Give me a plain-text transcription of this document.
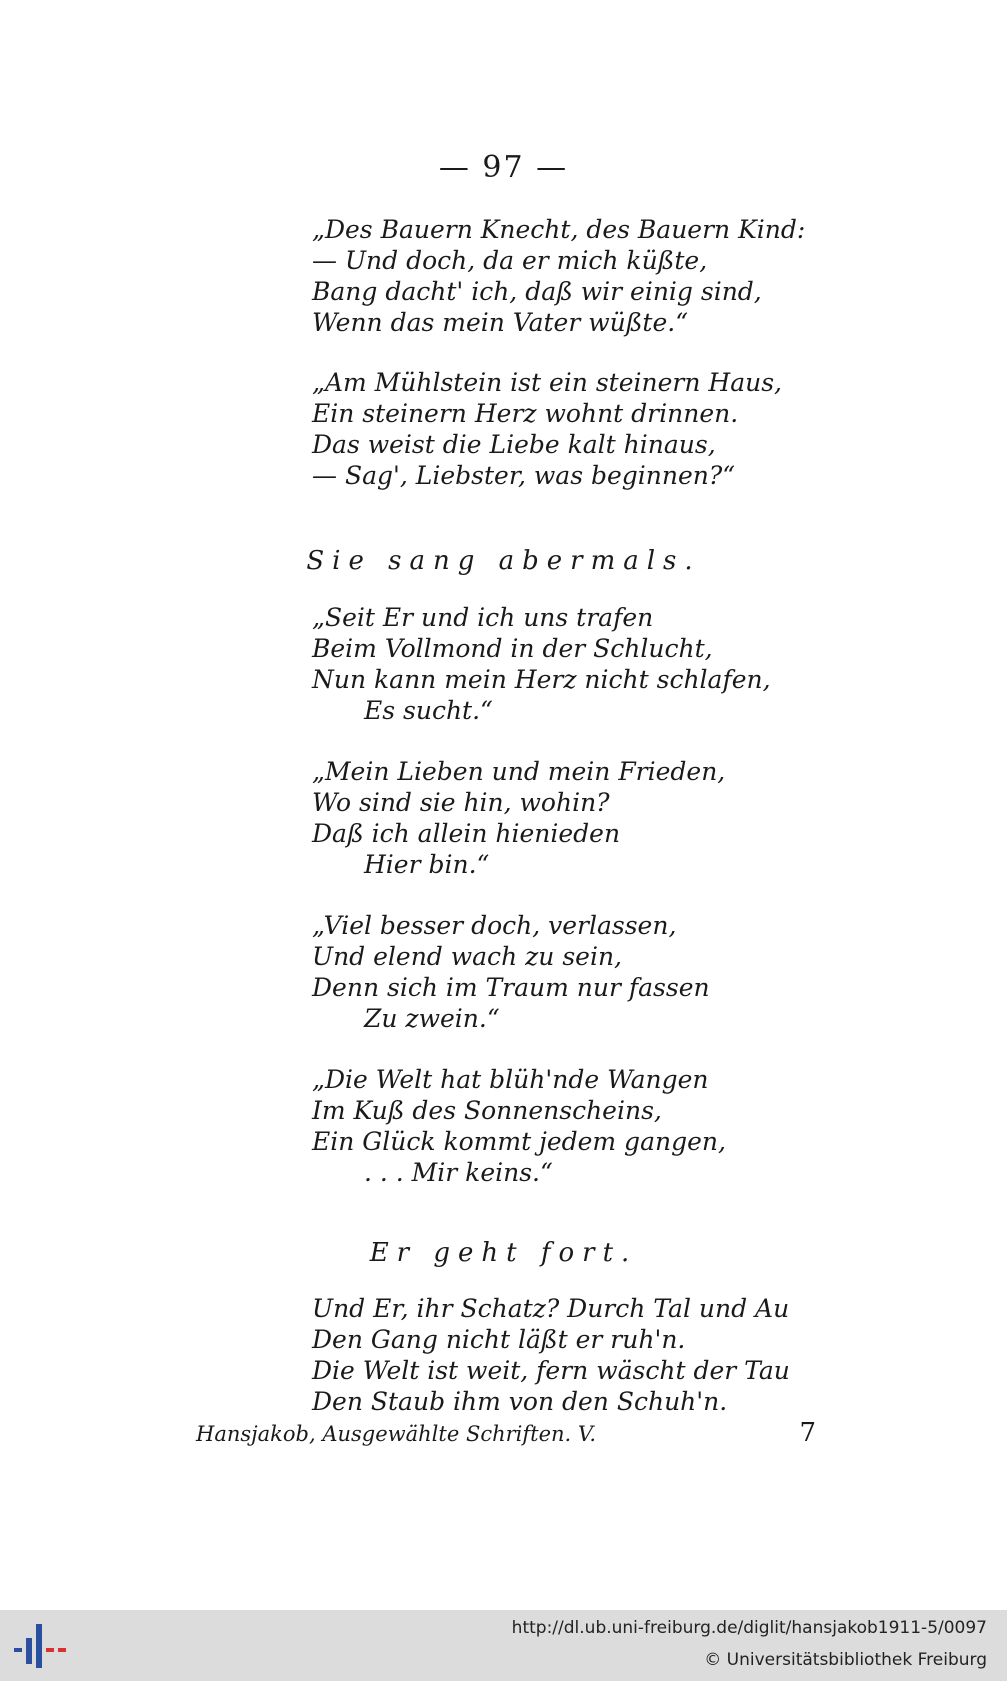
— 97 —
„Des Bauern Knecht, des Bauern Kind:
— Und doch, da er mich küßte,
Bang dacht' ich, daß wir einig sind,
Wenn das mein Vater wüßte.“
„Am Mühlstein ist ein steinern Haus,
Ein steinern Herz wohnt drinnen.
Das weist die Liebe kalt hinaus,
— Sag', Liebster, was beginnen?“
Sie sang abermals.
„Seit Er und ich uns trafen
Beim Vollmond in der Schlucht,
Nun kann mein Herz nicht schlafen,
Es sucht.“
„Mein Lieben und mein Frieden,
Wo sind sie hin, wohin?
Daß ich allein hienieden
Hier bin.“
„Viel besser doch, verlassen,
Und elend wach zu sein,
Denn sich im Traum nur fassen
Zu zwein.“
„Die Welt hat blüh'nde Wangen
Im Kuß des Sonnenscheins,
Ein Glück kommt jedem gangen,
. . . Mir keins.“
Er geht fort.
Und Er, ihr Schatz? Durch Tal und Au
Den Gang nicht läßt er ruh'n.
Die Welt ist weit, fern wäscht der Tau
Den Staub ihm von den Schuh'n.
Hansjakob, Ausgewählte Schriften. V.	7
http://dl.ub.uni-freiburg.de/diglit/hansjakob1911-5/0097
© Universitätsbibliothek Freiburg
